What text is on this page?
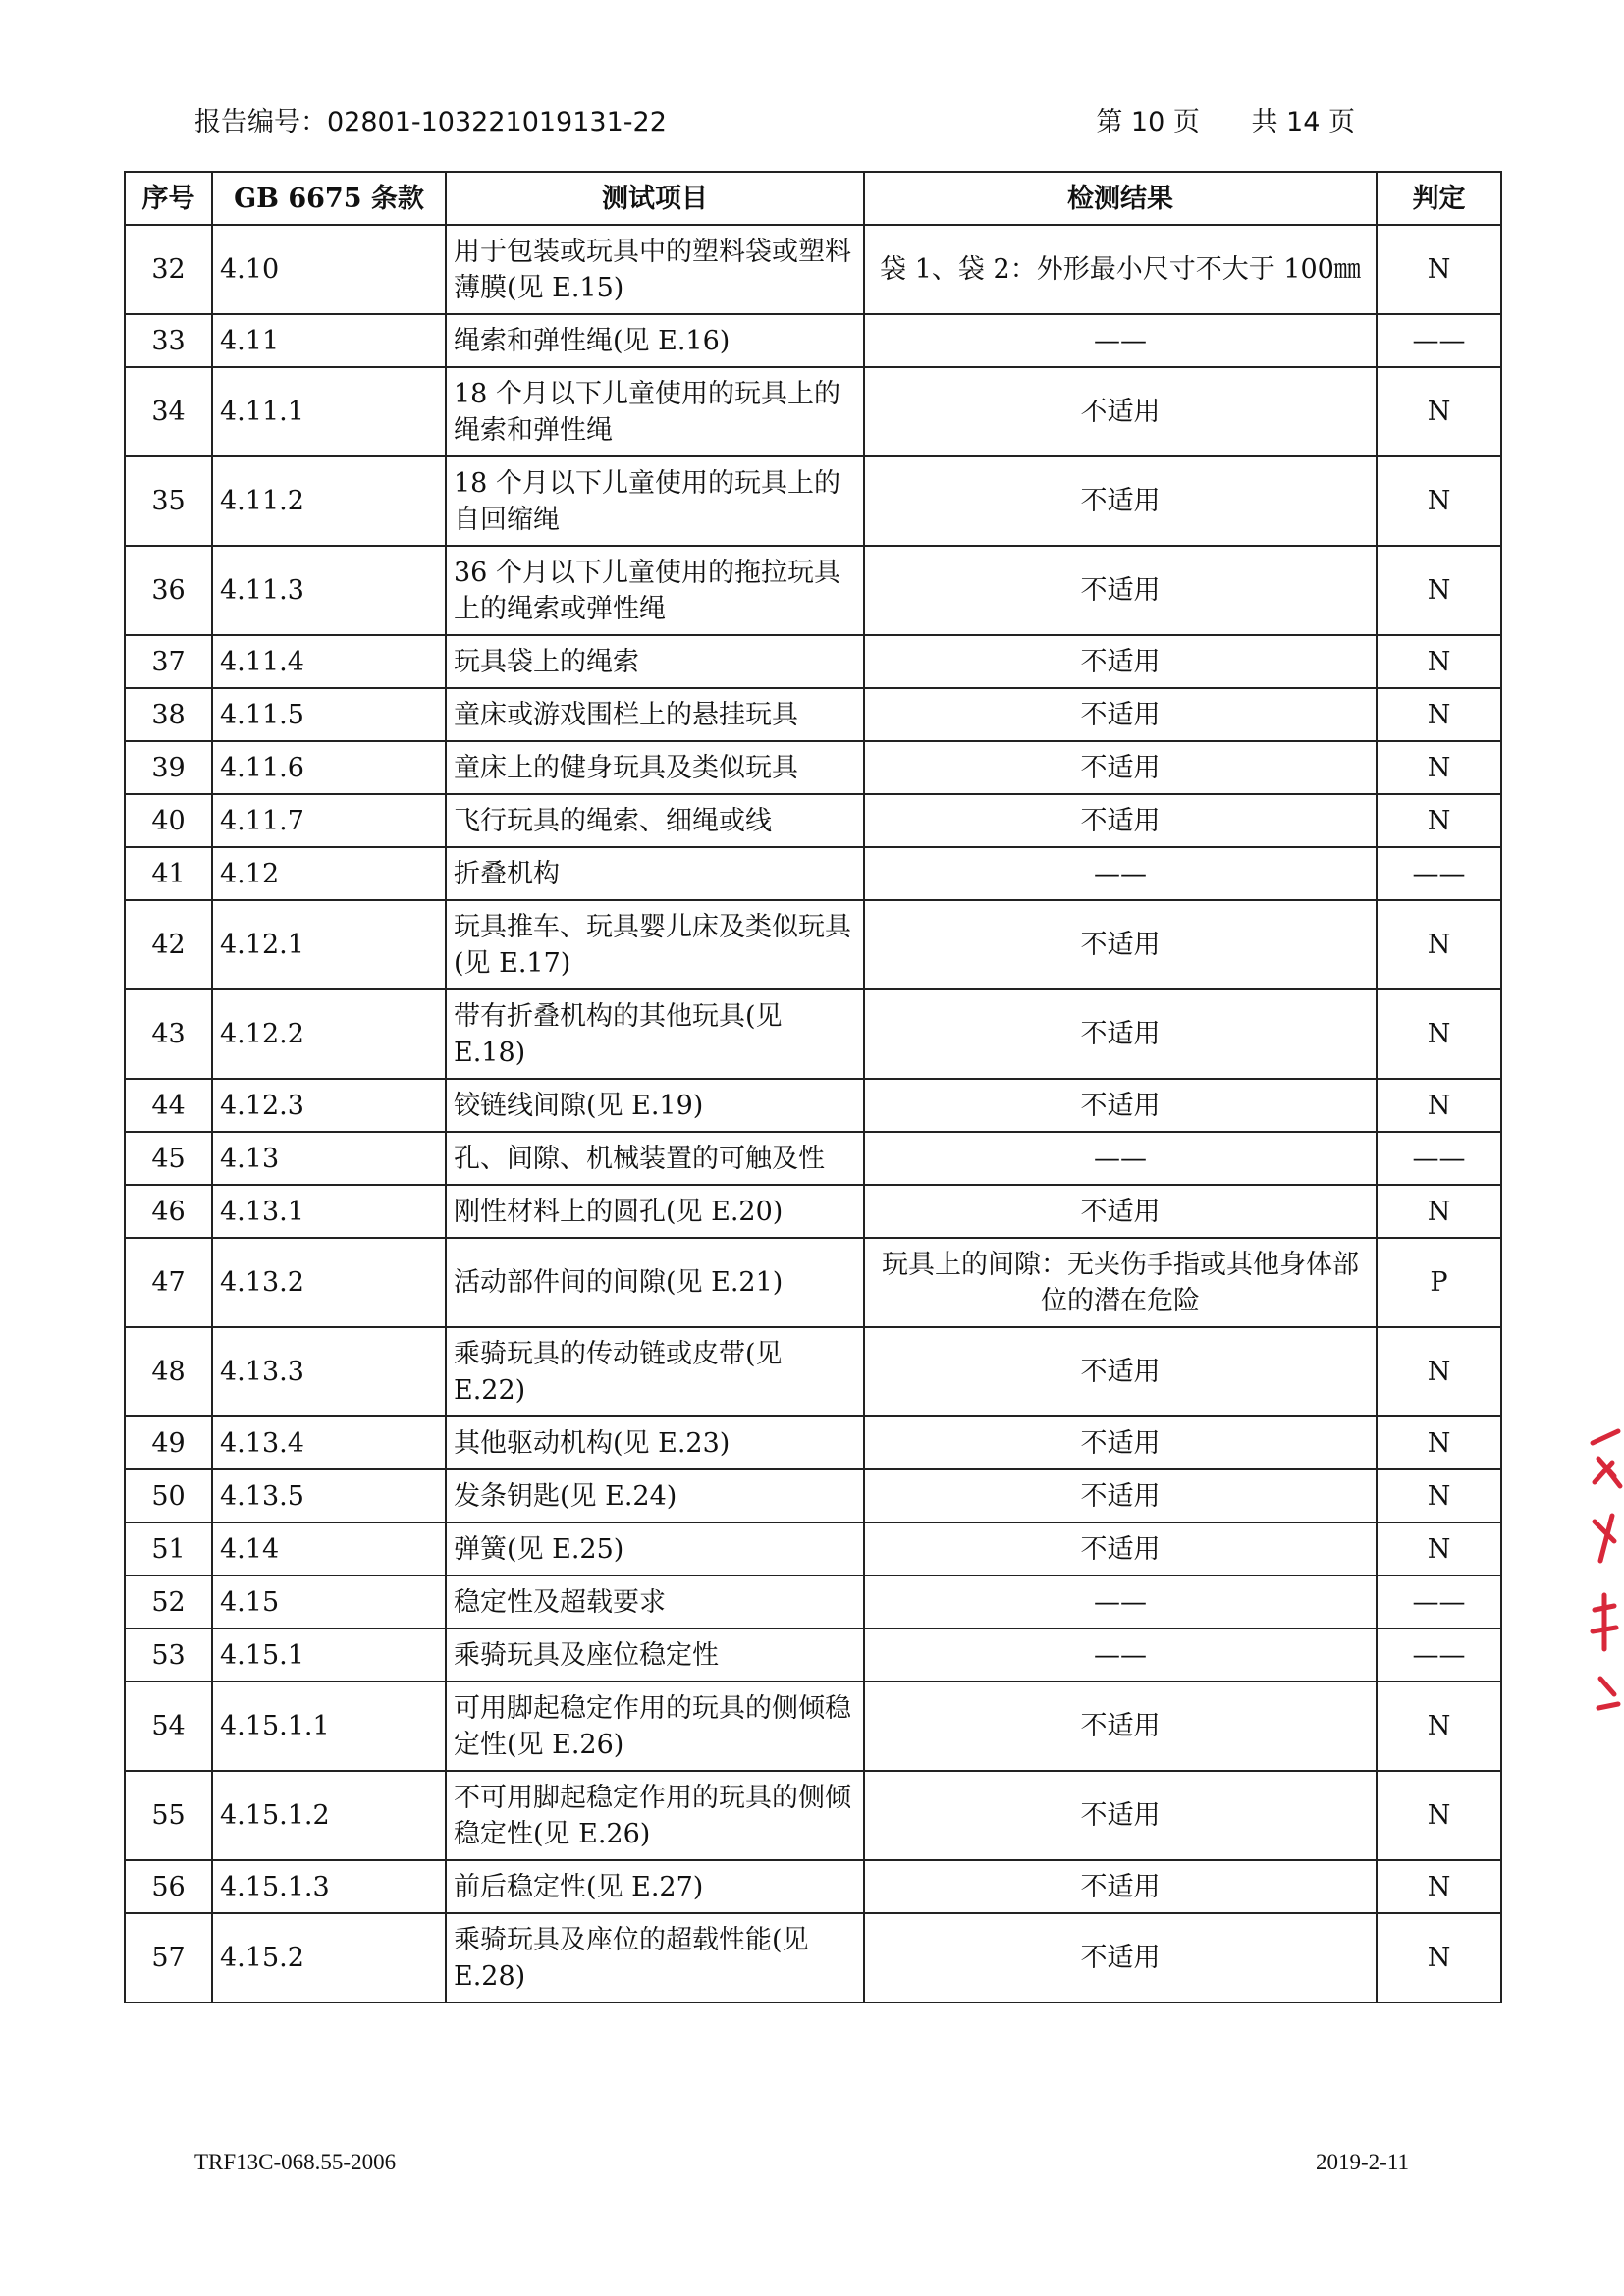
报告编号：02801-103221019131-22	第 10 页 共 14 页
序号	GB 6675 条款	测试项目	检测结果	判定
32	4.10	用于包装或玩具中的塑料袋或塑料薄膜(见 E.15)	袋 1、袋 2：外形最小尺寸不大于 100㎜	N
33	4.11	绳索和弹性绳(见 E.16)	——	——
34	4.11.1	18 个月以下儿童使用的玩具上的绳索和弹性绳	不适用	N
35	4.11.2	18 个月以下儿童使用的玩具上的自回缩绳	不适用	N
36	4.11.3	36 个月以下儿童使用的拖拉玩具上的绳索或弹性绳	不适用	N
37	4.11.4	玩具袋上的绳索	不适用	N
38	4.11.5	童床或游戏围栏上的悬挂玩具	不适用	N
39	4.11.6	童床上的健身玩具及类似玩具	不适用	N
40	4.11.7	飞行玩具的绳索、细绳或线	不适用	N
41	4.12	折叠机构	——	——
42	4.12.1	玩具推车、玩具婴儿床及类似玩具(见 E.17)	不适用	N
43	4.12.2	带有折叠机构的其他玩具(见 E.18)	不适用	N
44	4.12.3	铰链线间隙(见 E.19)	不适用	N
45	4.13	孔、间隙、机械装置的可触及性	——	——
46	4.13.1	刚性材料上的圆孔(见 E.20)	不适用	N
47	4.13.2	活动部件间的间隙(见 E.21)	玩具上的间隙：无夹伤手指或其他身体部位的潜在危险	P
48	4.13.3	乘骑玩具的传动链或皮带(见 E.22)	不适用	N
49	4.13.4	其他驱动机构(见 E.23)	不适用	N
50	4.13.5	发条钥匙(见 E.24)	不适用	N
51	4.14	弹簧(见 E.25)	不适用	N
52	4.15	稳定性及超载要求	——	——
53	4.15.1	乘骑玩具及座位稳定性	——	——
54	4.15.1.1	可用脚起稳定作用的玩具的侧倾稳定性(见 E.26)	不适用	N
55	4.15.1.2	不可用脚起稳定作用的玩具的侧倾稳定性(见 E.26)	不适用	N
56	4.15.1.3	前后稳定性(见 E.27)	不适用	N
57	4.15.2	乘骑玩具及座位的超载性能(见 E.28)	不适用	N
TRF13C-068.55-2006	2019-2-11
